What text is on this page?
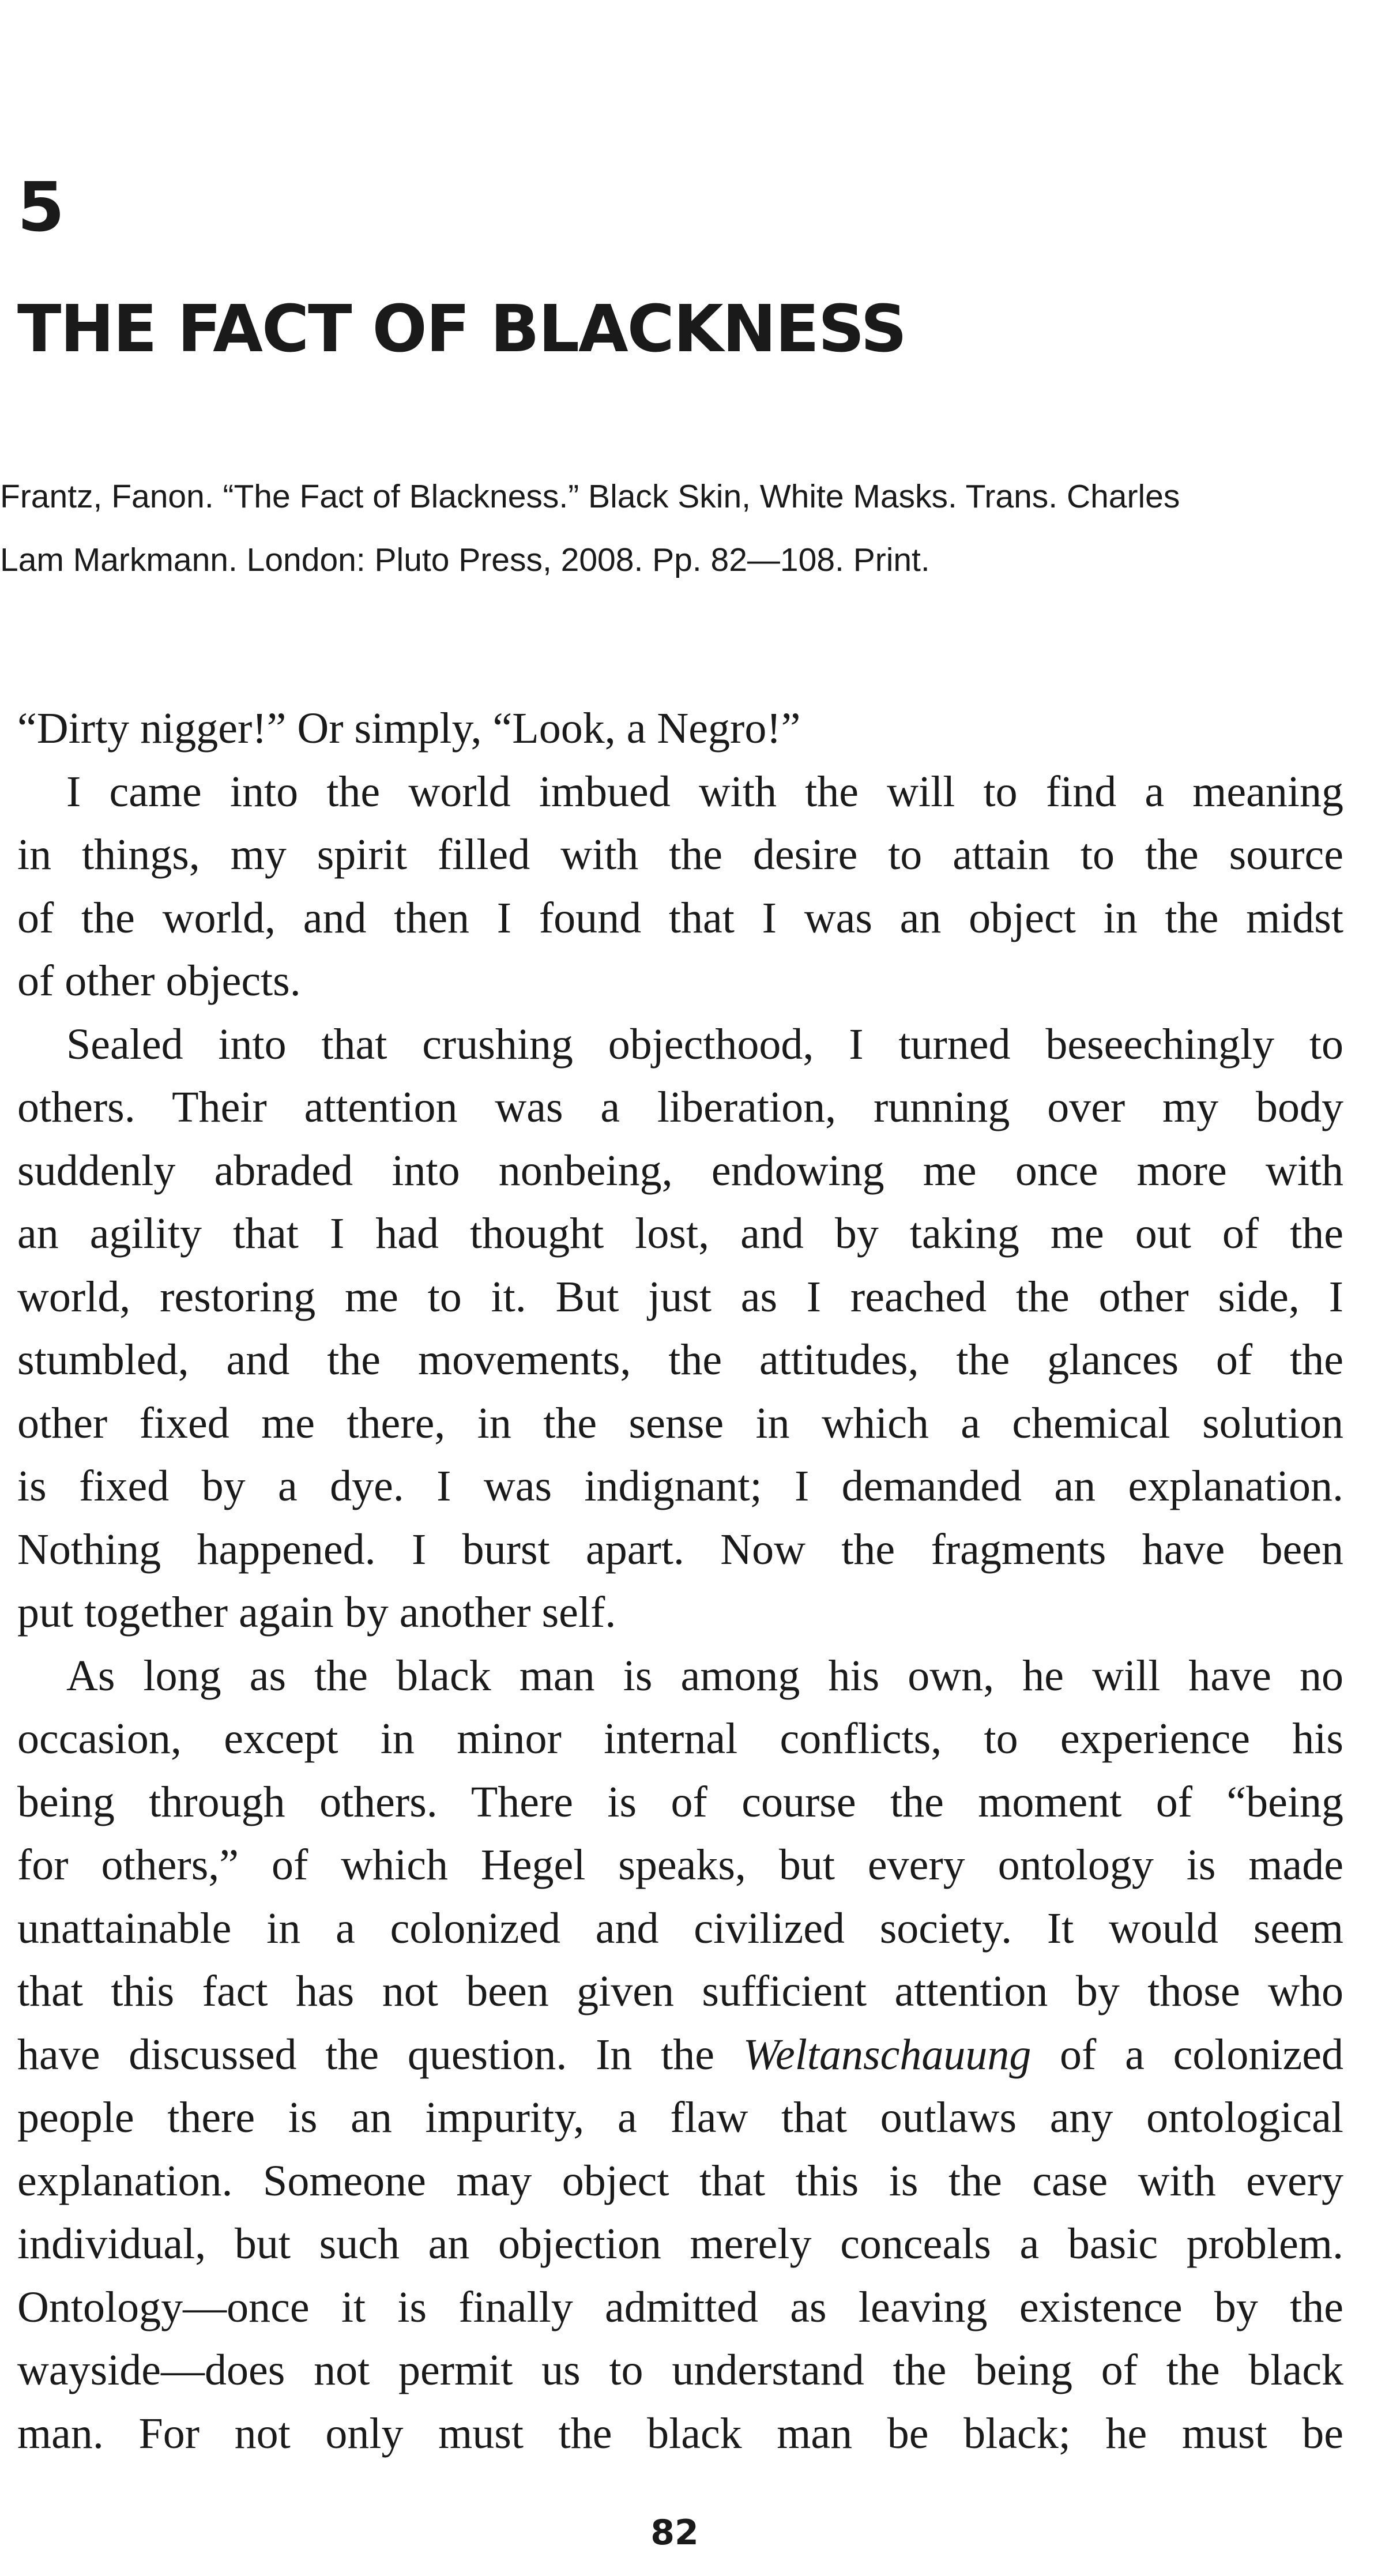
5
THE FACT OF BLACKNESS
Frantz, Fanon. “The Fact of Blackness.” Black Skin, White Masks. Trans. Charles
Lam Markmann. London: Pluto Press, 2008. Pp. 82—108. Print.
“Dirty nigger!” Or simply, “Look, a Negro!”
I came into the world imbued with the will to find a meaning
in things, my spirit filled with the desire to attain to the source
of the world, and then I found that I was an object in the midst
of other objects.
Sealed into that crushing objecthood, I turned beseechingly to
others. Their attention was a liberation, running over my body
suddenly abraded into nonbeing, endowing me once more with
an agility that I had thought lost, and by taking me out of the
world, restoring me to it. But just as I reached the other side, I
stumbled, and the movements, the attitudes, the glances of the
other fixed me there, in the sense in which a chemical solution
is fixed by a dye. I was indignant; I demanded an explanation.
Nothing happened. I burst apart. Now the fragments have been
put together again by another self.
As long as the black man is among his own, he will have no
occasion, except in minor internal conflicts, to experience his
being through others. There is of course the moment of “being
for others,” of which Hegel speaks, but every ontology is made
unattainable in a colonized and civilized society. It would seem
that this fact has not been given sufficient attention by those who
have discussed the question. In the Weltanschauung of a colonized
people there is an impurity, a flaw that outlaws any ontological
explanation. Someone may object that this is the case with every
individual, but such an objection merely conceals a basic problem.
Ontology—once it is finally admitted as leaving existence by the
wayside—does not permit us to understand the being of the black
man. For not only must the black man be black; he must be
82
